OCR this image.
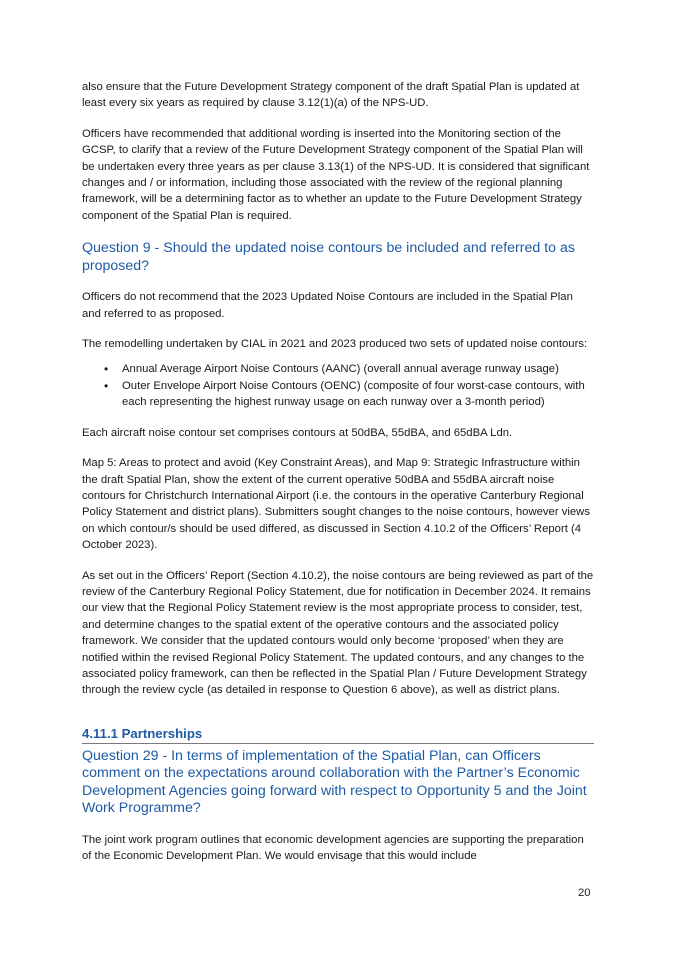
also ensure that the Future Development Strategy component of the draft Spatial Plan is updated at least every six years as required by clause 3.12(1)(a) of the NPS-UD.

Officers have recommended that additional wording is inserted into the Monitoring section of the GCSP, to clarify that a review of the Future Development Strategy component of the Spatial Plan will be undertaken every three years as per clause 3.13(1) of the NPS-UD. It is considered that significant changes and / or information, including those associated with the review of the regional planning framework, will be a determining factor as to whether an update to the Future Development Strategy component of the Spatial Plan is required.

Question 9 - Should the updated noise contours be included and referred to as proposed?

Officers do not recommend that the 2023 Updated Noise Contours are included in the Spatial Plan and referred to as proposed.

The remodelling undertaken by CIAL in 2021 and 2023 produced two sets of updated noise contours:

• Annual Average Airport Noise Contours (AANC) (overall annual average runway usage)
• Outer Envelope Airport Noise Contours (OENC) (composite of four worst-case contours, with each representing the highest runway usage on each runway over a 3-month period)

Each aircraft noise contour set comprises contours at 50dBA, 55dBA, and 65dBA Ldn.

Map 5: Areas to protect and avoid (Key Constraint Areas), and Map 9: Strategic Infrastructure within the draft Spatial Plan, show the extent of the current operative 50dBA and 55dBA aircraft noise contours for Christchurch International Airport (i.e. the contours in the operative Canterbury Regional Policy Statement and district plans). Submitters sought changes to the noise contours, however views on which contour/s should be used differed, as discussed in Section 4.10.2 of the Officers’ Report (4 October 2023).

As set out in the Officers’ Report (Section 4.10.2), the noise contours are being reviewed as part of the review of the Canterbury Regional Policy Statement, due for notification in December 2024. It remains our view that the Regional Policy Statement review is the most appropriate process to consider, test, and determine changes to the spatial extent of the operative contours and the associated policy framework. We consider that the updated contours would only become ‘proposed’ when they are notified within the revised Regional Policy Statement. The updated contours, and any changes to the associated policy framework, can then be reflected in the Spatial Plan / Future Development Strategy through the review cycle (as detailed in response to Question 6 above), as well as district plans.

4.11.1 Partnerships
Question 29 - In terms of implementation of the Spatial Plan, can Officers comment on the expectations around collaboration with the Partner’s Economic Development Agencies going forward with respect to Opportunity 5 and the Joint Work Programme?

The joint work program outlines that economic development agencies are supporting the preparation of the Economic Development Plan. We would envisage that this would include

20
